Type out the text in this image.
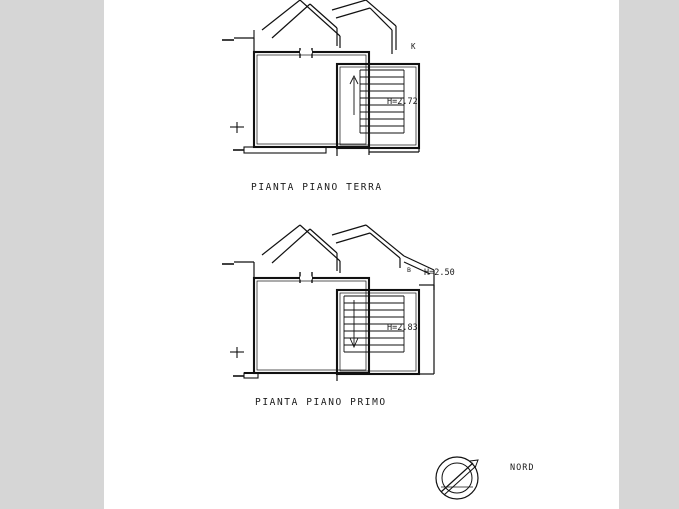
PIANTA PIANO TERRA
H=2.72
K
PIANTA PIANO PRIMO
H=2.83
B H=2.50
NORD
